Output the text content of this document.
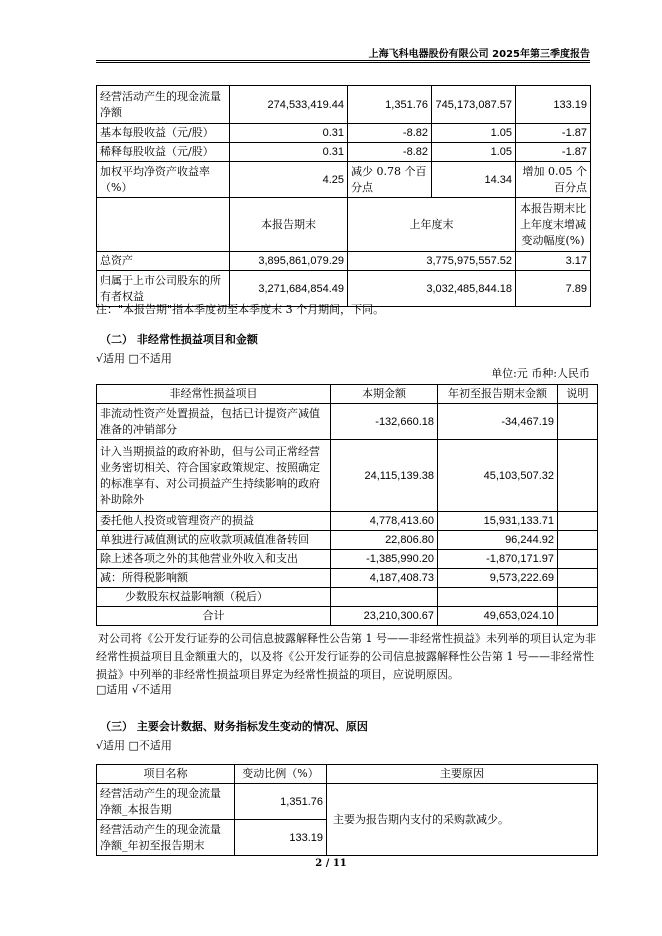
上海飞科电器股份有限公司 2025年第三季度报告
经营活动产生的现金流量净额	274,533,419.44	1,351.76	745,173,087.57	133.19
基本每股收益（元/股）	0.31	-8.82	1.05	-1.87
稀释每股收益（元/股）	0.31	-8.82	1.05	-1.87
加权平均净资产收益率（%）	4.25	减少 0.78 个百分点	14.34	增加 0.05 个百分点
	本报告期末	上年度末		本报告期末比上年度末增减变动幅度(%)
总资产	3,895,861,079.29	3,775,975,557.52		3.17
归属于上市公司股东的所有者权益	3,271,684,854.49	3,032,485,844.18		7.89

注："本报告期"指本季度初至本季度末 3 个月期间，下同。

（二） 非经常性损益项目和金额

√适用 □不适用

单位:元 币种:人民币

非经常性损益项目	本期金额	年初至报告期末金额	说明
非流动性资产处置损益，包括已计提资产减值准备的冲销部分	-132,660.18	-34,467.19	
计入当期损益的政府补助，但与公司正常经营业务密切相关、符合国家政策规定、按照确定的标准享有、对公司损益产生持续影响的政府补助除外	24,115,139.38	45,103,507.32	
委托他人投资或管理资产的损益	4,778,413.60	15,931,133.71	
单独进行减值测试的应收款项减值准备转回	22,806.80	96,244.92	
除上述各项之外的其他营业外收入和支出	-1,385,990.20	-1,870,171.97	
减：所得税影响额	4,187,408.73	9,573,222.69	
少数股东权益影响额（税后）			
合计	23,210,300.67	49,653,024.10	

对公司将《公开发行证券的公司信息披露解释性公告第 1 号——非经常性损益》未列举的项目认定为非经常性损益项目且金额重大的，以及将《公开发行证券的公司信息披露解释性公告第 1 号——非经常性损益》中列举的非经常性损益项目界定为经常性损益的项目，应说明原因。

□适用 √不适用

（三） 主要会计数据、财务指标发生变动的情况、原因

√适用 □不适用

项目名称	变动比例（%）	主要原因
经营活动产生的现金流量净额_本报告期	1,351.76	主要为报告期内支付的采购款减少。
经营活动产生的现金流量净额_年初至报告期末	133.19	
2 / 11
